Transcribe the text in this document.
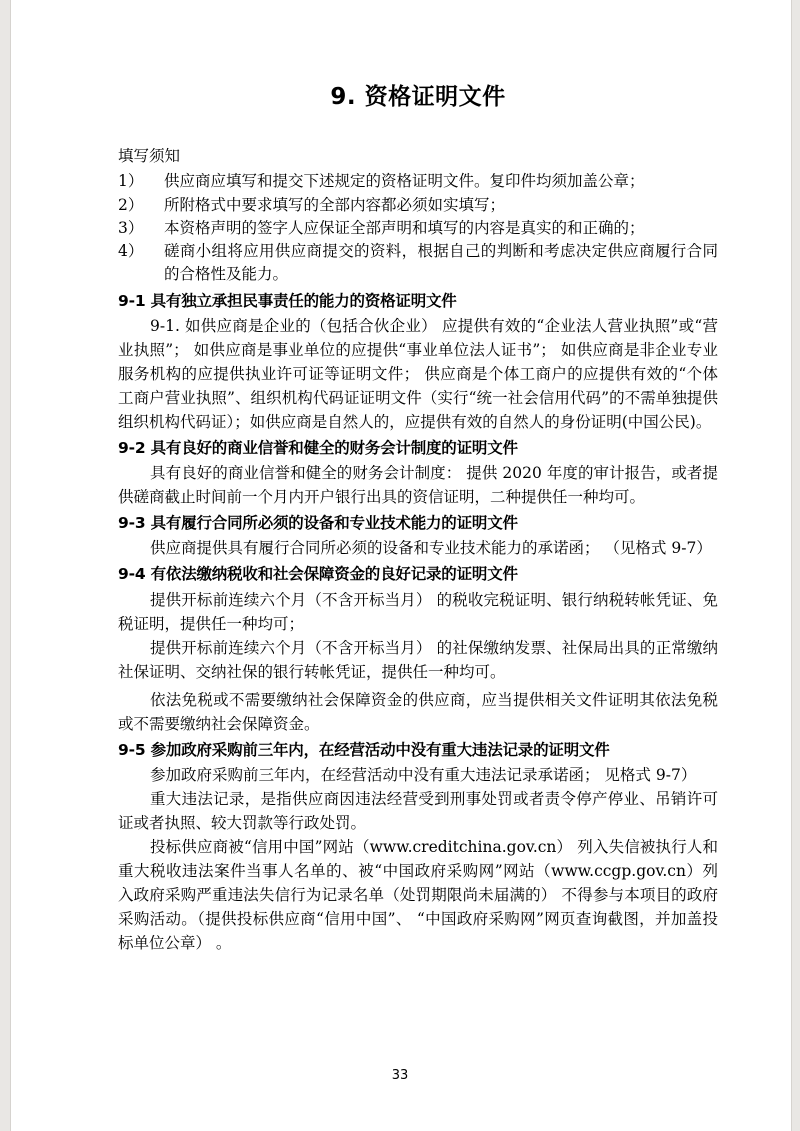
9. 资格证明文件
填写须知
1）	供应商应填写和提交下述规定的资格证明文件。复印件均须加盖公章；
2）	所附格式中要求填写的全部内容都必须如实填写；
3）	本资格声明的签字人应保证全部声明和填写的内容是真实的和正确的；
4）	磋商小组将应用供应商提交的资料，根据自己的判断和考虑决定供应商履行合同的合格性及能力。
9-1 具有独立承担民事责任的能力的资格证明文件

9-1. 如供应商是企业的（包括合伙企业） 应提供有效的“企业法人营业执照”或“营业执照”； 如供应商是事业单位的应提供“事业单位法人证书”； 如供应商是非企业专业服务机构的应提供执业许可证等证明文件； 供应商是个体工商户的应提供有效的“个体工商户营业执照”、组织机构代码证证明文件（实行“统一社会信用代码”的不需单独提供组织机构代码证）；如供应商是自然人的，应提供有效的自然人的身份证明(中国公民)。

9-2 具有良好的商业信誉和健全的财务会计制度的证明文件

具有良好的商业信誉和健全的财务会计制度： 提供 2020 年度的审计报告，或者提供磋商截止时间前一个月内开户银行出具的资信证明，二种提供任一种均可。

9-3 具有履行合同所必须的设备和专业技术能力的证明文件

供应商提供具有履行合同所必须的设备和专业技术能力的承诺函； （见格式 9-7）

9-4 有依法缴纳税收和社会保障资金的良好记录的证明文件

提供开标前连续六个月（不含开标当月） 的税收完税证明、银行纳税转帐凭证、免税证明，提供任一种均可；

提供开标前连续六个月（不含开标当月） 的社保缴纳发票、社保局出具的正常缴纳社保证明、交纳社保的银行转帐凭证，提供任一种均可。

依法免税或不需要缴纳社会保障资金的供应商，应当提供相关文件证明其依法免税或不需要缴纳社会保障资金。

9-5 参加政府采购前三年内，在经营活动中没有重大违法记录的证明文件

参加政府采购前三年内，在经营活动中没有重大违法记录承诺函； 见格式 9-7）

重大违法记录，是指供应商因违法经营受到刑事处罚或者责令停产停业、吊销许可证或者执照、较大罚款等行政处罚。

投标供应商被“信用中国”网站（www.creditchina.gov.cn） 列入失信被执行人和重大税收违法案件当事人名单的、被“中国政府采购网”网站（www.ccgp.gov.cn）列入政府采购严重违法失信行为记录名单（处罚期限尚未届满的） 不得参与本项目的政府采购活动。（提供投标供应商“信用中国”、 “中国政府采购网”网页查询截图，并加盖投标单位公章） 。

33
